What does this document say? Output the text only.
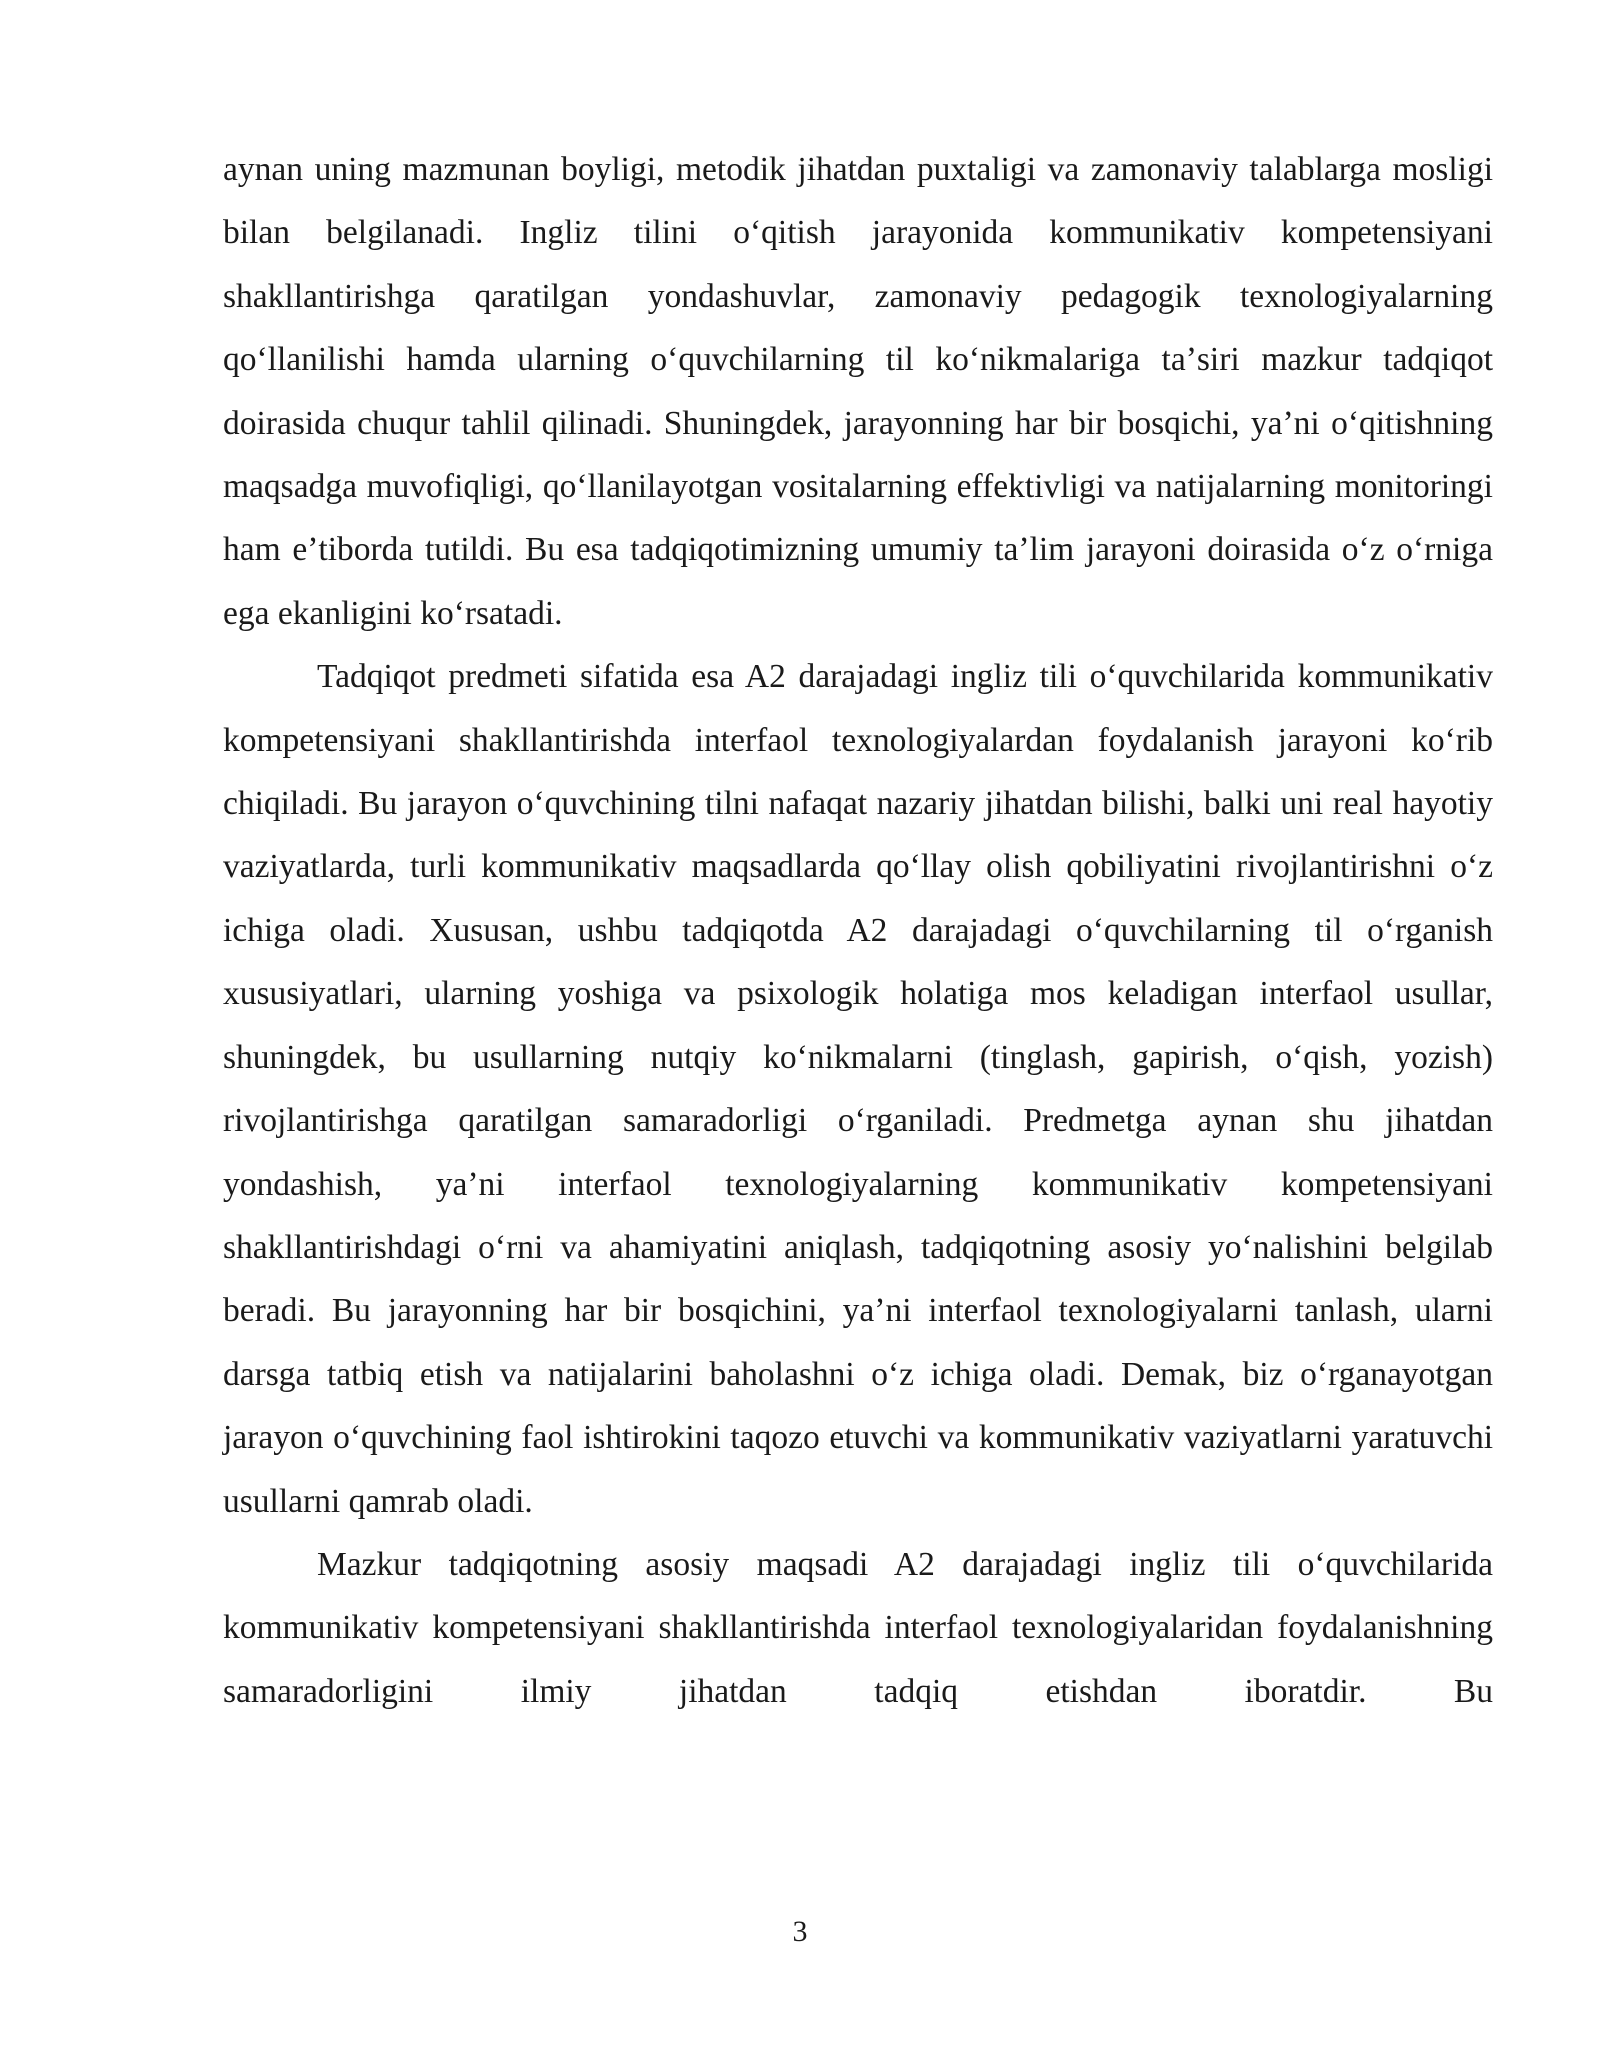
aynan uning mazmunan boyligi, metodik jihatdan puxtaligi va zamonaviy talablarga mosligi bilan belgilanadi. Ingliz tilini oʻqitish jarayonida kommunikativ kompetensiyani shakllantirishga qaratilgan yondashuvlar, zamonaviy pedagogik texnologiyalarning qoʻllanilishi hamda ularning oʻquvchilarning til koʻnikmalariga taʼsiri mazkur tadqiqot doirasida chuqur tahlil qilinadi. Shuningdek, jarayonning har bir bosqichi, yaʼni oʻqitishning maqsadga muvofiqligi, qoʻllanilayotgan vositalarning effektivligi va natijalarning monitoringi ham eʼtiborda tutildi. Bu esa tadqiqotimizning umumiy taʼlim jarayoni doirasida oʻz oʻrniga ega ekanligini koʻrsatadi.

Tadqiqot predmeti sifatida esa A2 darajadagi ingliz tili oʻquvchilarida kommunikativ kompetensiyani shakllantirishda interfaol texnologiyalardan foydalanish jarayoni koʻrib chiqiladi. Bu jarayon oʻquvchining tilni nafaqat nazariy jihatdan bilishi, balki uni real hayotiy vaziyatlarda, turli kommunikativ maqsadlarda qoʻllay olish qobiliyatini rivojlantirishni oʻz ichiga oladi. Xususan, ushbu tadqiqotda A2 darajadagi oʻquvchilarning til oʻrganish xususiyatlari, ularning yoshiga va psixologik holatiga mos keladigan interfaol usullar, shuningdek, bu usullarning nutqiy koʻnikmalarni (tinglash, gapirish, oʻqish, yozish) rivojlantirishga qaratilgan samaradorligi oʻrganiladi. Predmetga aynan shu jihatdan yondashish, yaʼni interfaol texnologiyalarning kommunikativ kompetensiyani shakllantirishdagi oʻrni va ahamiyatini aniqlash, tadqiqotning asosiy yoʻnalishini belgilab beradi. Bu jarayonning har bir bosqichini, yaʼni interfaol texnologiyalarni tanlash, ularni darsga tatbiq etish va natijalarini baholashni oʻz ichiga oladi. Demak, biz oʻrganayotgan jarayon oʻquvchining faol ishtirokini taqozo etuvchi va kommunikativ vaziyatlarni yaratuvchi usullarni qamrab oladi.

Mazkur tadqiqotning asosiy maqsadi A2 darajadagi ingliz tili oʻquvchilarida kommunikativ kompetensiyani shakllantirishda interfaol texnologiyalaridan foydalanishning samaradorligini ilmiy jihatdan tadqiq etishdan iboratdir. Bu

3
